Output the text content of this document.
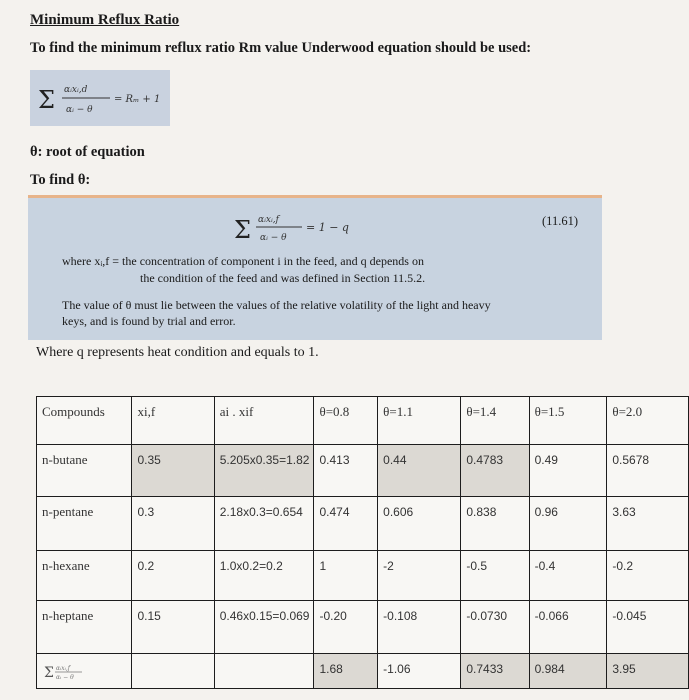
Minimum Reflux Ratio
To find the minimum reflux ratio Rm value Underwood equation should be used:
Σ αᵢxᵢ,d
αᵢ − θ
= Rₘ + 1
θ: root of equation
To find θ:
Σ αᵢxᵢ,f
αᵢ − θ
= 1 − q	(11.61)
where xᵢ,f = the concentration of component i in the feed, and q depends on
the condition of the feed and was defined in Section 11.5.2.
The value of θ must lie between the values of the relative volatility of the light and heavy
keys, and is found by trial and error.
Where q represents heat condition and equals to 1.
Compounds	xi,f	ai . xif	θ=0.8	θ=1.1	θ=1.4	θ=1.5	θ=2.0
n-butane	0.35	5.205x0.35=1.82	0.413	0.44	0.4783	0.49	0.5678
n-pentane	0.3	2.18x0.3=0.654	0.474	0.606	0.838	0.96	3.63
n-hexane	0.2	1.0x0.2=0.2	1	-2	-0.5	-0.4	-0.2
n-heptane	0.15	0.46x0.15=0.069	-0.20	-0.108	-0.0730	-0.066	-0.045

Σ αᵢxᵢ,f
αᵢ − θ			1.68	-1.06	0.7433	0.984	3.95
